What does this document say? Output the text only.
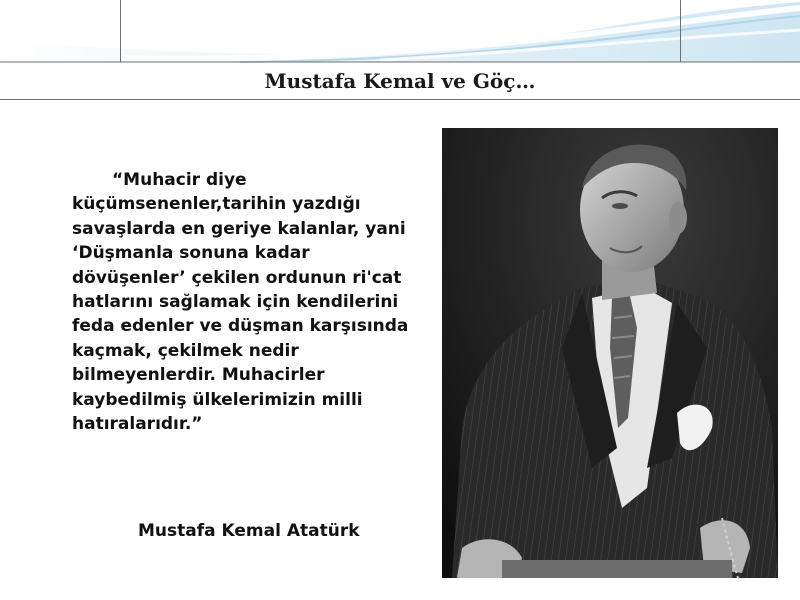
Mustafa Kemal ve Göç…
“Muhacir diye küçümsenenler,tarihin yazdığı savaşlarda en geriye kalanlar, yani ‘Düşmanla sonuna kadar dövüşenler’ çekilen ordunun ri'cat hatlarını sağlamak için kendilerini feda edenler ve düşman karşısında kaçmak, çekilmek nedir bilmeyenlerdir. Muhacirler kaybedilmiş ülkelerimizin milli hatıralarıdır.”
Mustafa Kemal Atatürk
